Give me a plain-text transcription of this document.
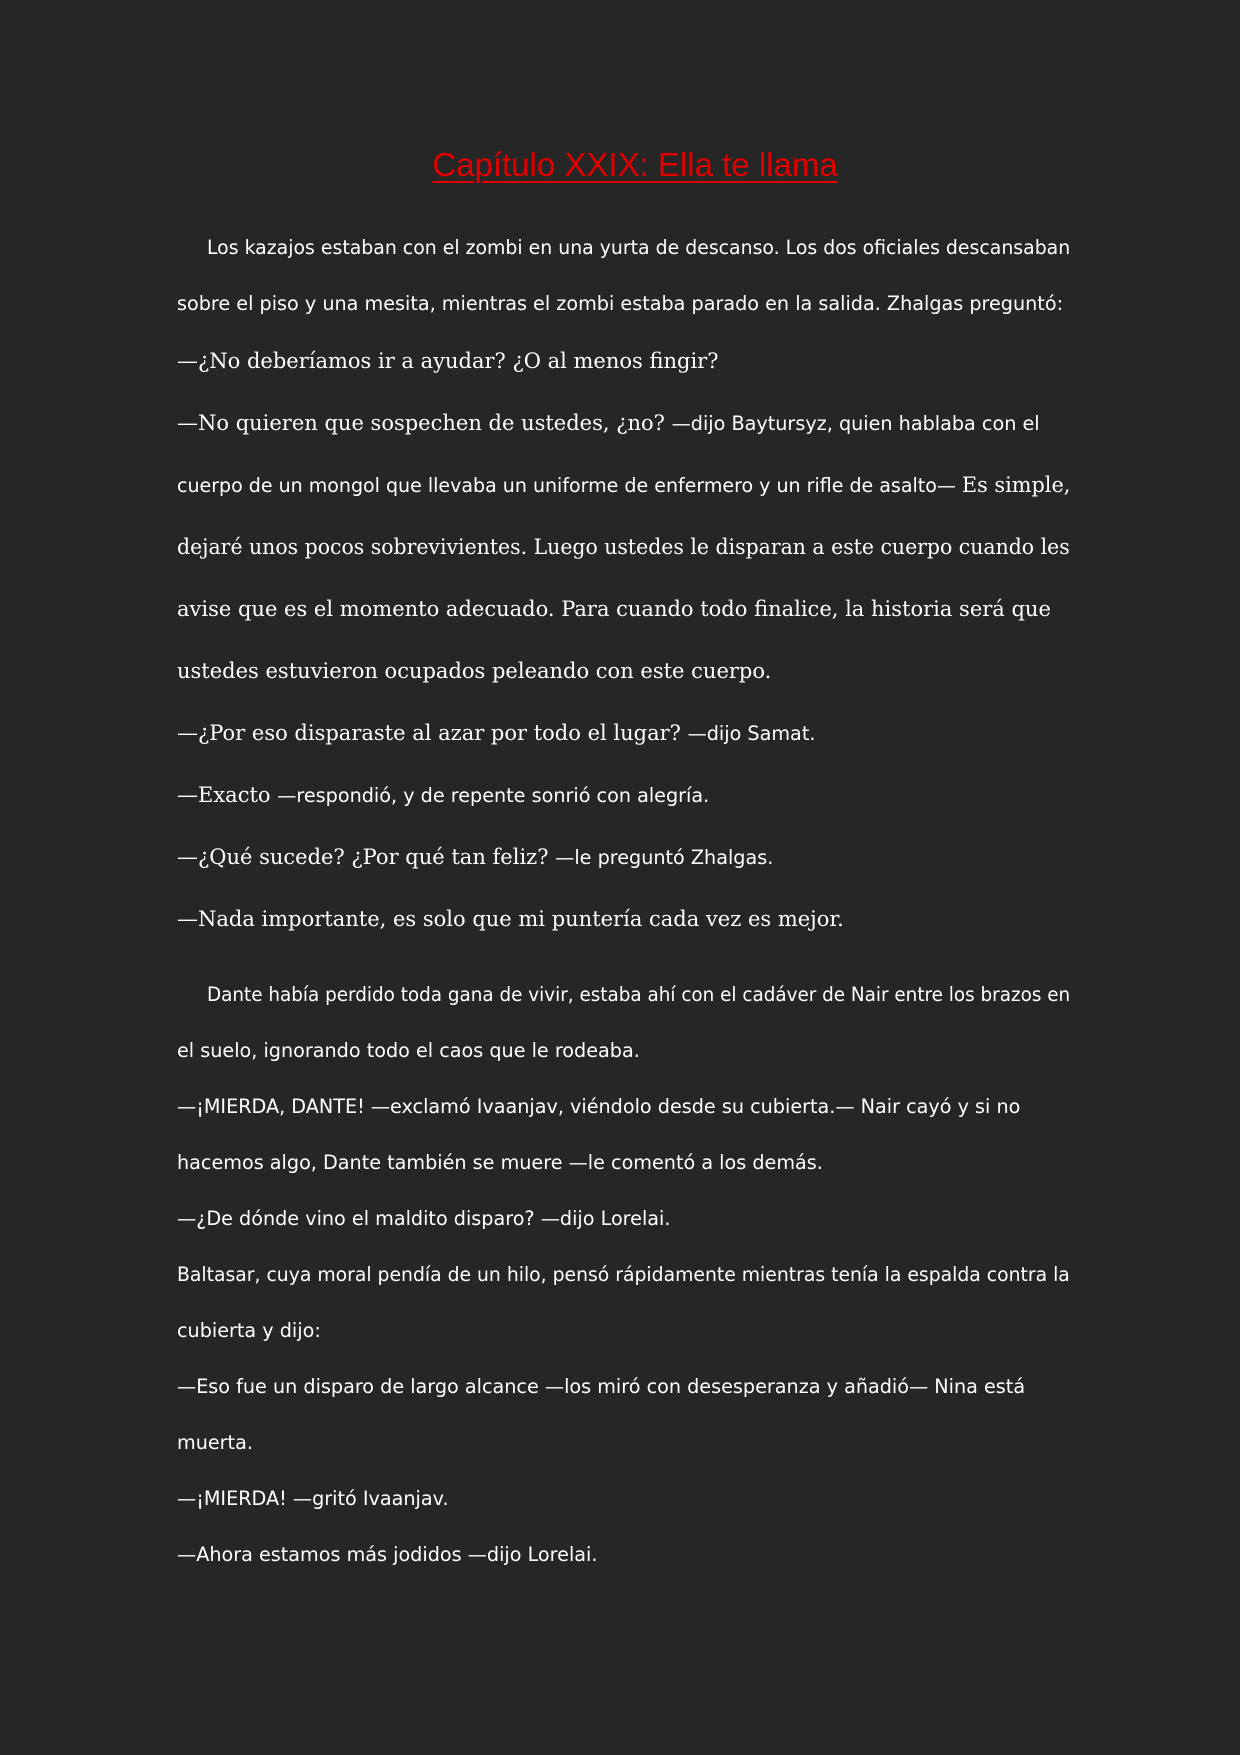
Capítulo XXIX: Ella te llama
Los kazajos estaban con el zombi en una yurta de descanso. Los dos oficiales descansaban
sobre el piso y una mesita, mientras el zombi estaba parado en la salida. Zhalgas preguntó:
—¿No deberíamos ir a ayudar? ¿O al menos fingir?
—No quieren que sospechen de ustedes, ¿no? —dijo Baytursyz, quien hablaba con el
cuerpo de un mongol que llevaba un uniforme de enfermero y un rifle de asalto— Es simple,
dejaré unos pocos sobrevivientes. Luego ustedes le disparan a este cuerpo cuando les
avise que es el momento adecuado. Para cuando todo finalice, la historia será que
ustedes estuvieron ocupados peleando con este cuerpo.
—¿Por eso disparaste al azar por todo el lugar? —dijo Samat.
—Exacto —respondió, y de repente sonrió con alegría.
—¿Qué sucede? ¿Por qué tan feliz? —le preguntó Zhalgas.
—Nada importante, es solo que mi puntería cada vez es mejor.
Dante había perdido toda gana de vivir, estaba ahí con el cadáver de Nair entre los brazos en
el suelo, ignorando todo el caos que le rodeaba.
—¡MIERDA, DANTE! —exclamó Ivaanjav, viéndolo desde su cubierta.— Nair cayó y si no
hacemos algo, Dante también se muere —le comentó a los demás.
—¿De dónde vino el maldito disparo? —dijo Lorelai.
Baltasar, cuya moral pendía de un hilo, pensó rápidamente mientras tenía la espalda contra la
cubierta y dijo:
—Eso fue un disparo de largo alcance —los miró con desesperanza y añadió— Nina está
muerta.
—¡MIERDA! —gritó Ivaanjav.
—Ahora estamos más jodidos —dijo Lorelai.
